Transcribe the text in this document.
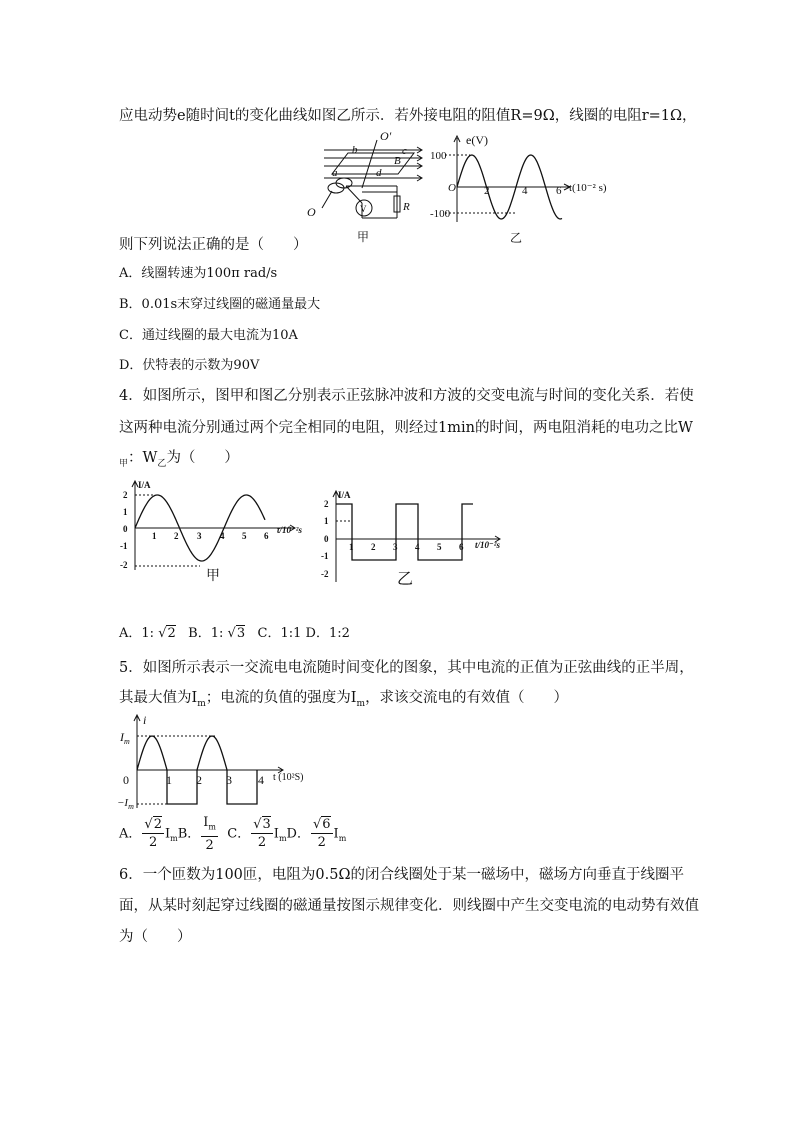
应电动势e随时间t的变化曲线如图乙所示．若外接电阻的阻值R=9Ω，线圈的电阻r=1Ω，
O′
b	c
B
a	d
O	V	R
甲
e(V)
100
-100
O	2	4	6 t(10⁻² s)
乙
则下列说法正确的是（　　）
A．线圈转速为100π rad/s
B．0.01s末穿过线圈的磁通量最大
C．通过线圈的最大电流为10A
D．伏特表的示数为90V
4．如图所示，图甲和图乙分别表示正弦脉冲波和方波的交变电流与时间的变化关系．若使
这两种电流分别通过两个完全相同的电阻，则经过1min的时间，两电阻消耗的电功之比W
$_甲$：$W_乙$为（　　）
I/A
2
1
0
-1
-2
1 2 3 4 5 6
t/10⁻²s
甲
I/A
2
1
0
-1
-2
1 2 3 4 5 6 t/10⁻²s
乙
A．1: √2 B．1: √3 C．1:1 D．1:2
5．如图所示表示一交流电电流随时间变化的图象，其中电流的正值为正弦曲线的正半周，
其最大值为$I_m$；电流的负值的强度为$I_m$，求该交流电的有效值（　　）
i
$I_m$
0
$-I_m$
1 2 3 4 t (10²S)
A． $\frac{√2}{2} I_mB$． $\frac{I_m}{2}$ C． $\frac{√3}{2} I_mD$． $\frac{√6}{2} I_m$
6．一个匝数为100匝，电阻为0.5Ω的闭合线圈处于某一磁场中，磁场方向垂直于线圈平
面，从某时刻起穿过线圈的磁通量按图示规律变化．则线圈中产生交变电流的电动势有效值
为（　　）
